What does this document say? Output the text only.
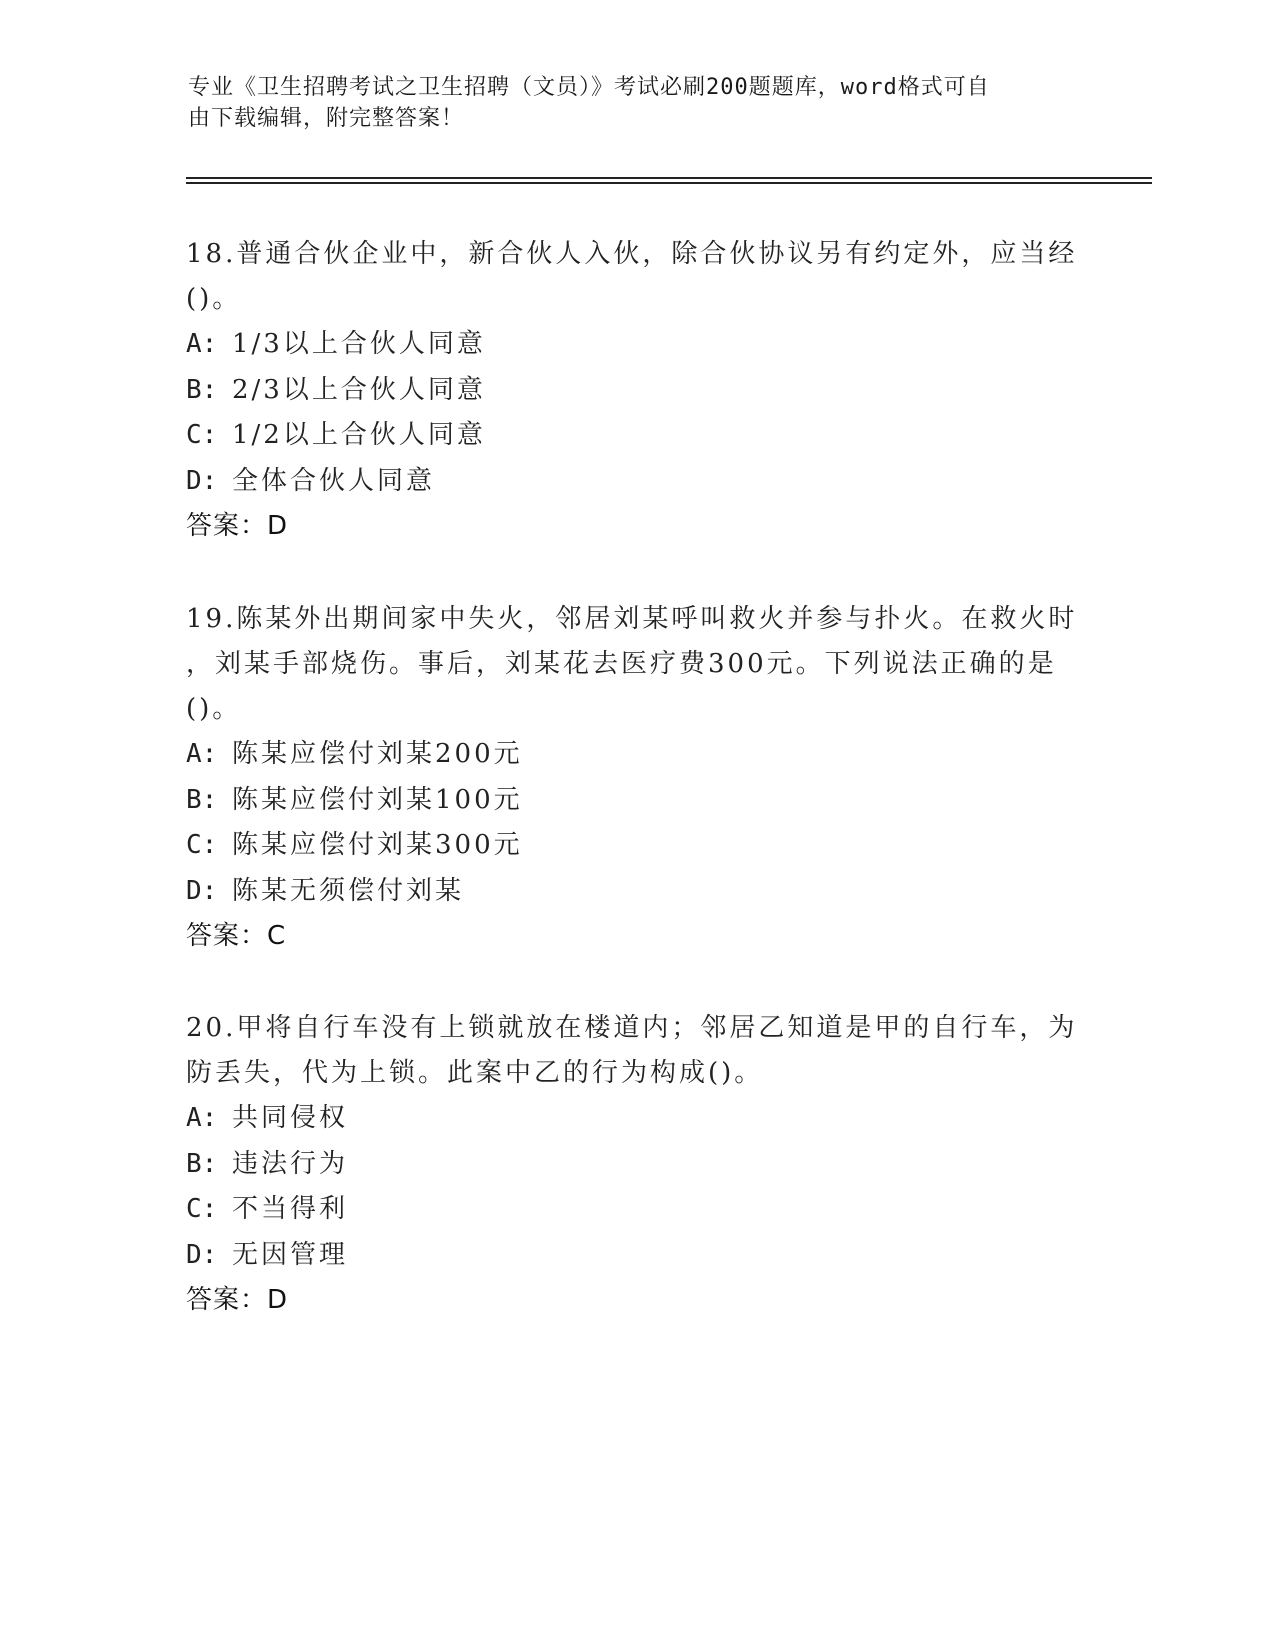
专业《卫生招聘考试之卫生招聘（文员）》考试必刷200题题库，word格式可自
由下载编辑，附完整答案！
18.普通合伙企业中，新合伙人入伙，除合伙协议另有约定外，应当经
()。
A: 1/3以上合伙人同意
B: 2/3以上合伙人同意
C: 1/2以上合伙人同意
D: 全体合伙人同意
答案：D
19.陈某外出期间家中失火，邻居刘某呼叫救火并参与扑火。在救火时
，刘某手部烧伤。事后，刘某花去医疗费300元。下列说法正确的是
()。
A: 陈某应偿付刘某200元
B: 陈某应偿付刘某100元
C: 陈某应偿付刘某300元
D: 陈某无须偿付刘某
答案：C
20.甲将自行车没有上锁就放在楼道内；邻居乙知道是甲的自行车，为
防丢失，代为上锁。此案中乙的行为构成()。
A: 共同侵权
B: 违法行为
C: 不当得利
D: 无因管理
答案：D
